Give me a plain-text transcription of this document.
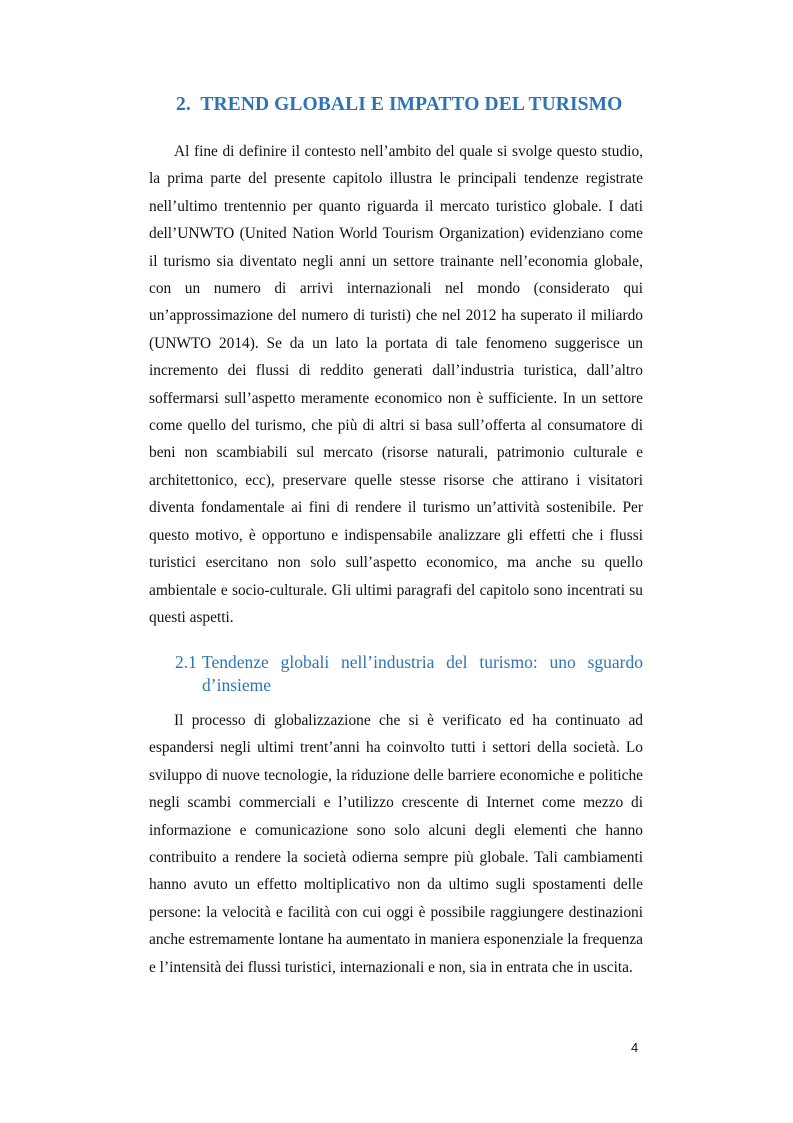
2.  TREND GLOBALI E IMPATTO DEL TURISMO

Al fine di definire il contesto nell’ambito del quale si svolge questo studio, la prima parte del presente capitolo illustra le principali tendenze registrate nell’ultimo trentennio per quanto riguarda il mercato turistico globale. I dati dell’UNWTO (United Nation World Tourism Organization) evidenziano come il turismo sia diventato negli anni un settore trainante nell’economia globale, con un numero di arrivi internazionali nel mondo (considerato qui un’approssimazione del numero di turisti) che nel 2012 ha superato il miliardo (UNWTO 2014). Se da un lato la portata di tale fenomeno suggerisce un incremento dei flussi di reddito generati dall’industria turistica, dall’altro soffermarsi sull’aspetto meramente economico non è sufficiente. In un settore come quello del turismo, che più di altri si basa sull’offerta al consumatore di beni non scambiabili sul mercato (risorse naturali, patrimonio culturale e architettonico, ecc), preservare quelle stesse risorse che attirano i visitatori diventa fondamentale ai fini di rendere il turismo un’attività sostenibile. Per questo motivo, è opportuno e indispensabile analizzare gli effetti che i flussi turistici esercitano non solo sull’aspetto economico, ma anche su quello ambientale e socio-culturale. Gli ultimi paragrafi del capitolo sono incentrati su questi aspetti.

2.1 Tendenze globali nell’industria del turismo: uno sguardo d’insieme

Il processo di globalizzazione che si è verificato ed ha continuato ad espandersi negli ultimi trent’anni ha coinvolto tutti i settori della società. Lo sviluppo di nuove tecnologie, la riduzione delle barriere economiche e politiche negli scambi commerciali e l’utilizzo crescente di Internet come mezzo di informazione e comunicazione sono solo alcuni degli elementi che hanno contribuito a rendere la società odierna sempre più globale. Tali cambiamenti hanno avuto un effetto moltiplicativo non da ultimo sugli spostamenti delle persone: la velocità e facilità con cui oggi è possibile raggiungere destinazioni anche estremamente lontane ha aumentato in maniera esponenziale la frequenza e l’intensità dei flussi turistici, internazionali e non, sia in entrata che in uscita.

4
